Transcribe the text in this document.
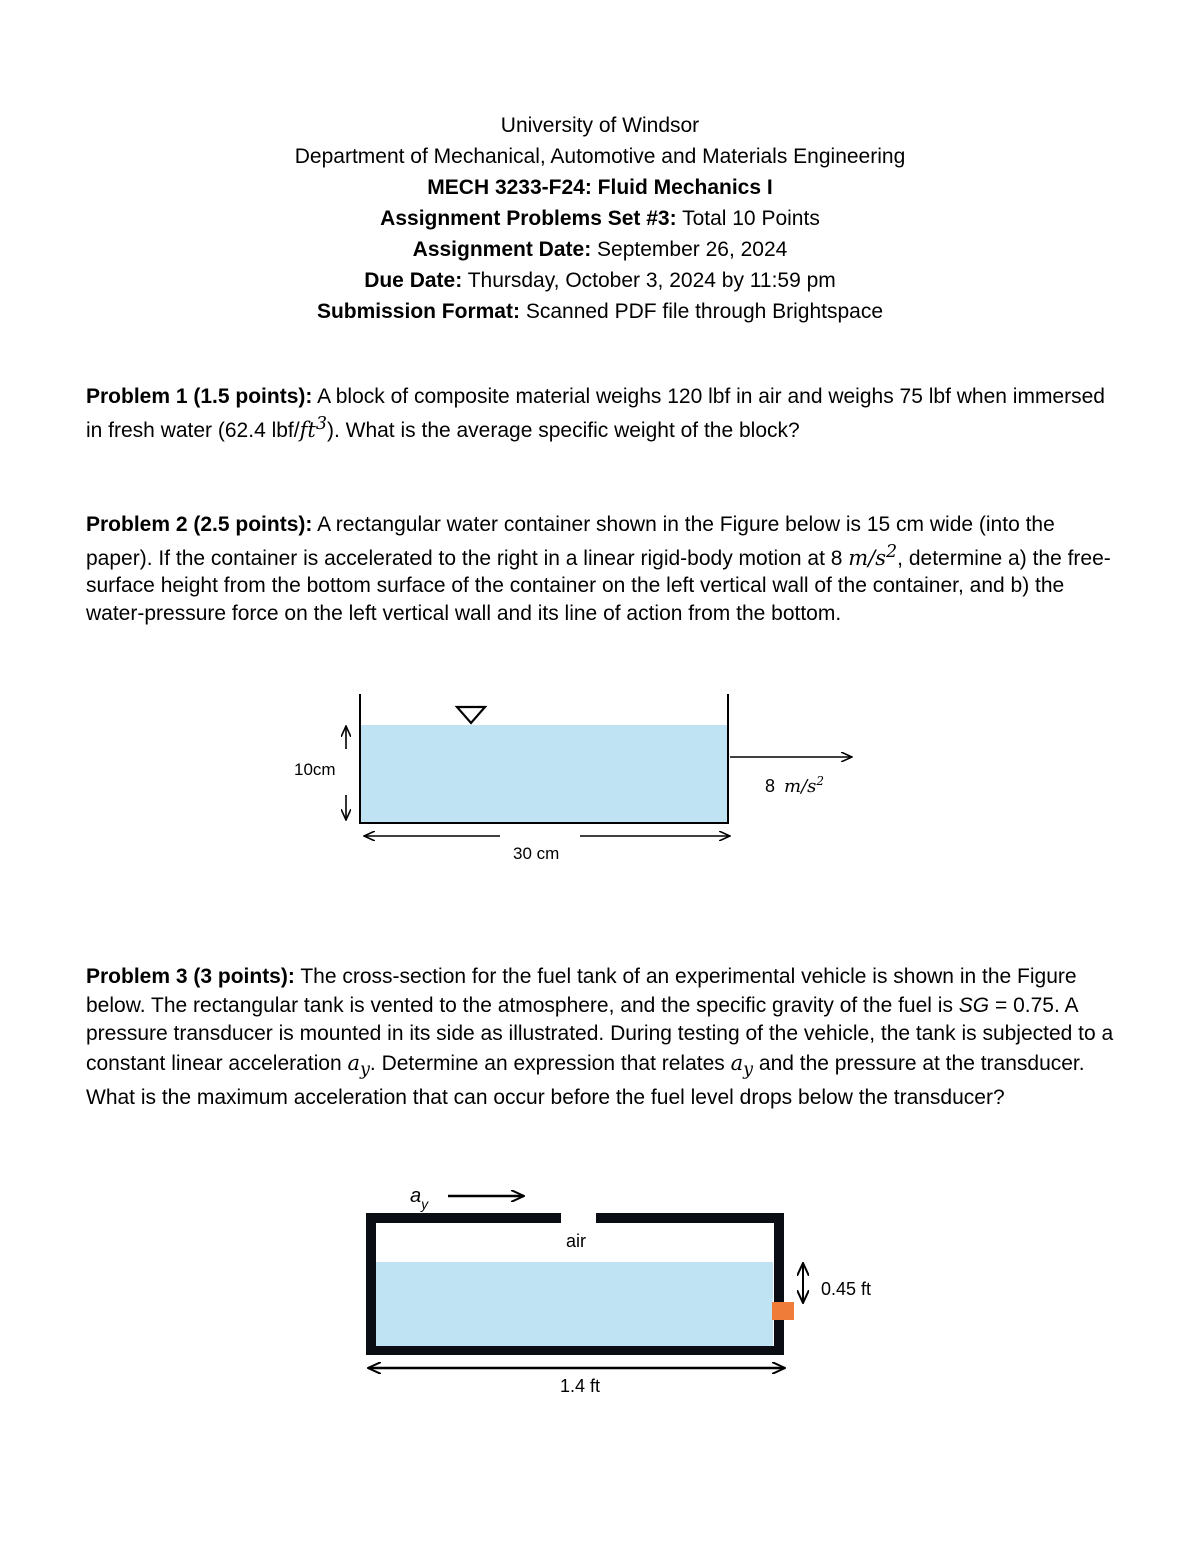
University of Windsor

Department of Mechanical, Automotive and Materials Engineering

MECH 3233-F24: Fluid Mechanics I

Assignment Problems Set #3: Total 10 Points

Assignment Date: September 26, 2024

Due Date: Thursday, October 3, 2024 by 11:59 pm

Submission Format: Scanned PDF file through Brightspace

Problem 1 (1.5 points): A block of composite material weighs 120 lbf in air and weighs 75 lbf when immersed in fresh water (62.4 lbf/$ft^3$). What is the average specific weight of the block?
Problem 2 (2.5 points): A rectangular water container shown in the Figure below is 15 cm wide (into the paper). If the container is accelerated to the right in a linear rigid-body motion at 8 $m/s^2$, determine a) the free-surface height from the bottom surface of the container on the left vertical wall of the container, and b) the water-pressure force on the left vertical wall and its line of action from the bottom.
10cm
30 cm
8 $m/s^2$
Problem 3 (3 points): The cross-section for the fuel tank of an experimental vehicle is shown in the Figure below. The rectangular tank is vented to the atmosphere, and the specific gravity of the fuel is SG = 0.75. A pressure transducer is mounted in its side as illustrated. During testing of the vehicle, the tank is subjected to a constant linear acceleration $a_y$. Determine an expression that relates $a_y$ and the pressure at the transducer. What is the maximum acceleration that can occur before the fuel level drops below the transducer?
$a_y$
air
0.45 ft
1.4 ft
